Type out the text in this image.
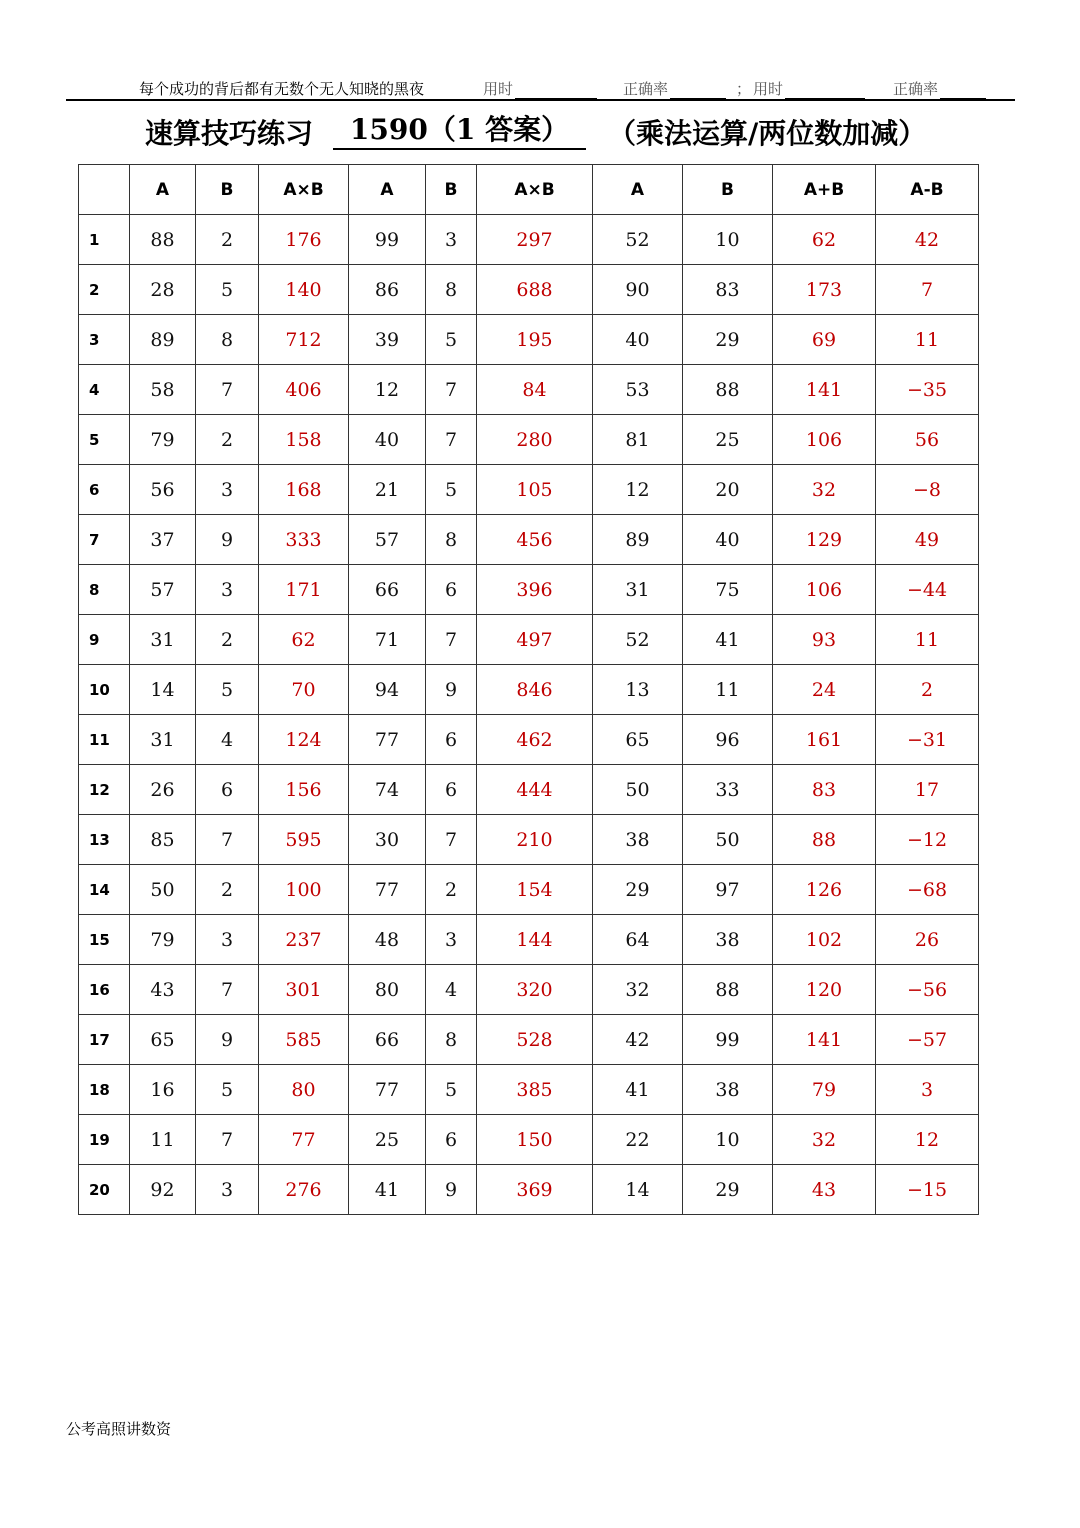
每个成功的背后都有无数个无人知晓的黑夜	用时	正确率	； 用时	正确率
速算技巧练习	1590（1 答案）	（乘法运算/两位数加减）
	A	B	A×B	A	B	A×B	A	B	A+B	A-B
1	88	2	176	99	3	297	52	10	62	42
2	28	5	140	86	8	688	90	83	173	7
3	89	8	712	39	5	195	40	29	69	11
4	58	7	406	12	7	84	53	88	141	−35
5	79	2	158	40	7	280	81	25	106	56
6	56	3	168	21	5	105	12	20	32	−8
7	37	9	333	57	8	456	89	40	129	49
8	57	3	171	66	6	396	31	75	106	−44
9	31	2	62	71	7	497	52	41	93	11
10	14	5	70	94	9	846	13	11	24	2
11	31	4	124	77	6	462	65	96	161	−31
12	26	6	156	74	6	444	50	33	83	17
13	85	7	595	30	7	210	38	50	88	−12
14	50	2	100	77	2	154	29	97	126	−68
15	79	3	237	48	3	144	64	38	102	26
16	43	7	301	80	4	320	32	88	120	−56
17	65	9	585	66	8	528	42	99	141	−57
18	16	5	80	77	5	385	41	38	79	3
19	11	7	77	25	6	150	22	10	32	12
20	92	3	276	41	9	369	14	29	43	−15
公考高照讲数资
